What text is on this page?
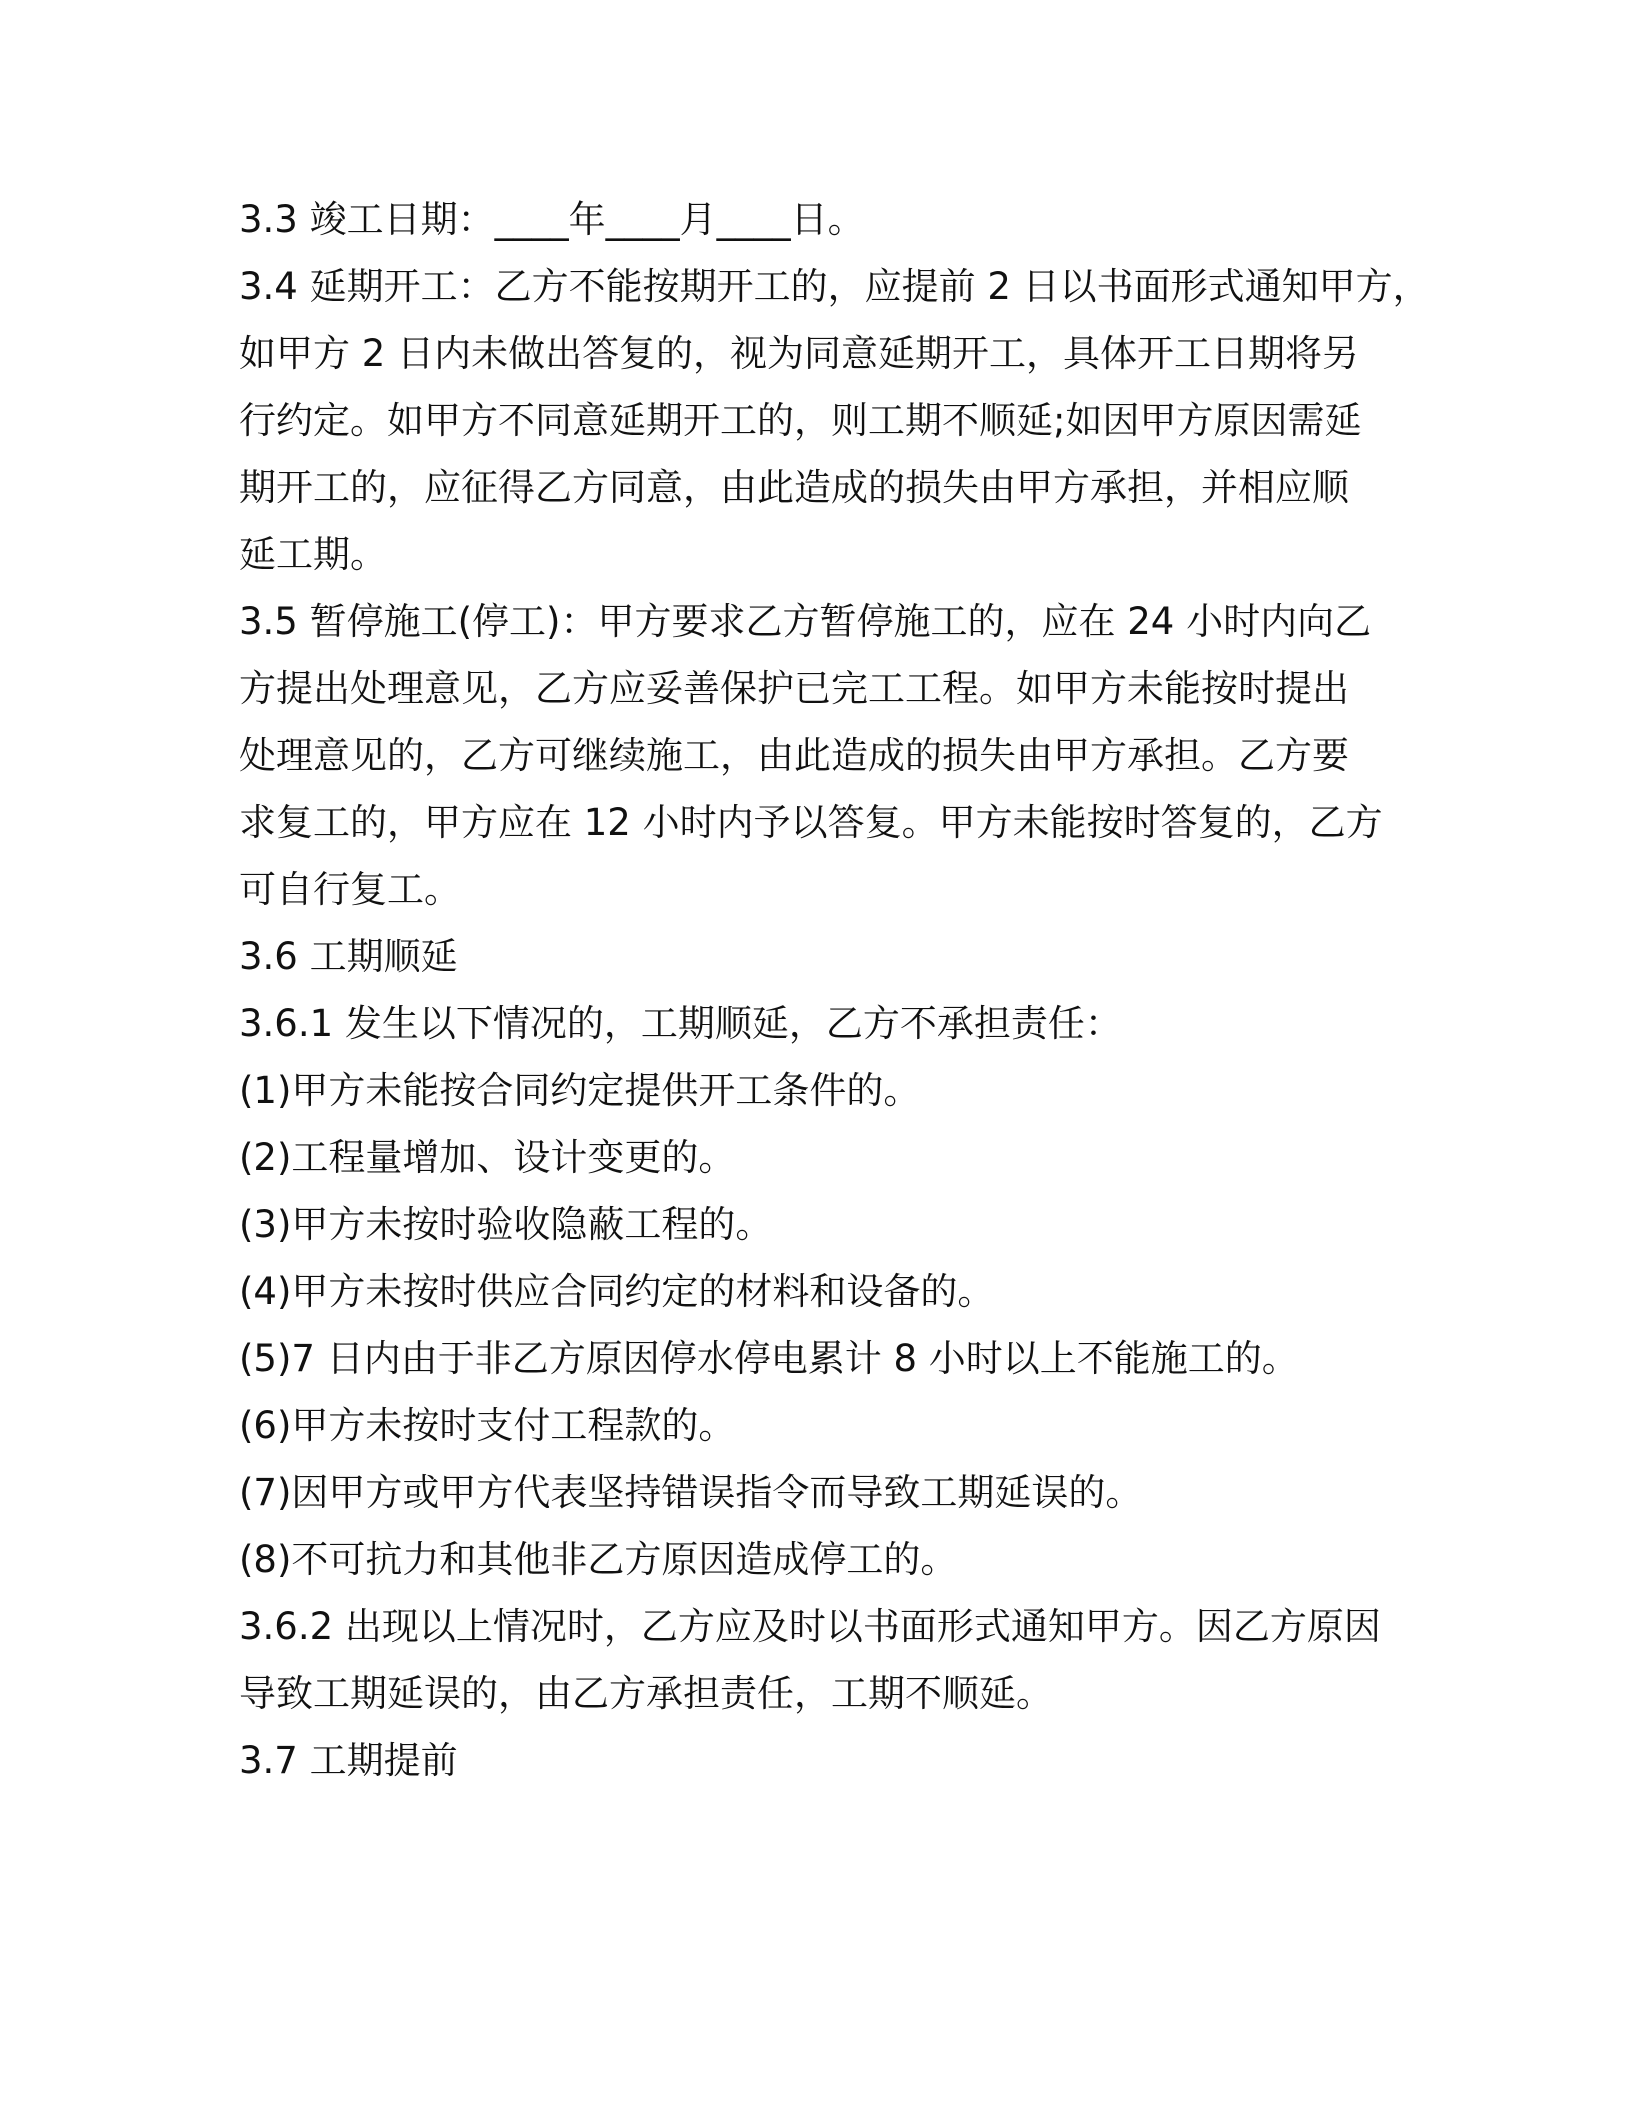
3.3 竣工日期：____年____月____日。

3.4 延期开工：乙方不能按期开工的，应提前 2 日以书面形式通知甲方，

如甲方 2 日内未做出答复的，视为同意延期开工，具体开工日期将另

行约定。如甲方不同意延期开工的，则工期不顺延;如因甲方原因需延

期开工的，应征得乙方同意，由此造成的损失由甲方承担，并相应顺

延工期。

3.5 暂停施工(停工)：甲方要求乙方暂停施工的，应在 24 小时内向乙

方提出处理意见，乙方应妥善保护已完工工程。如甲方未能按时提出

处理意见的，乙方可继续施工，由此造成的损失由甲方承担。乙方要

求复工的，甲方应在 12 小时内予以答复。甲方未能按时答复的，乙方

可自行复工。

3.6 工期顺延

3.6.1 发生以下情况的，工期顺延，乙方不承担责任：

(1)甲方未能按合同约定提供开工条件的。

(2)工程量增加、设计变更的。

(3)甲方未按时验收隐蔽工程的。

(4)甲方未按时供应合同约定的材料和设备的。

(5)7 日内由于非乙方原因停水停电累计 8 小时以上不能施工的。

(6)甲方未按时支付工程款的。

(7)因甲方或甲方代表坚持错误指令而导致工期延误的。

(8)不可抗力和其他非乙方原因造成停工的。

3.6.2 出现以上情况时，乙方应及时以书面形式通知甲方。因乙方原因

导致工期延误的，由乙方承担责任，工期不顺延。

3.7 工期提前
